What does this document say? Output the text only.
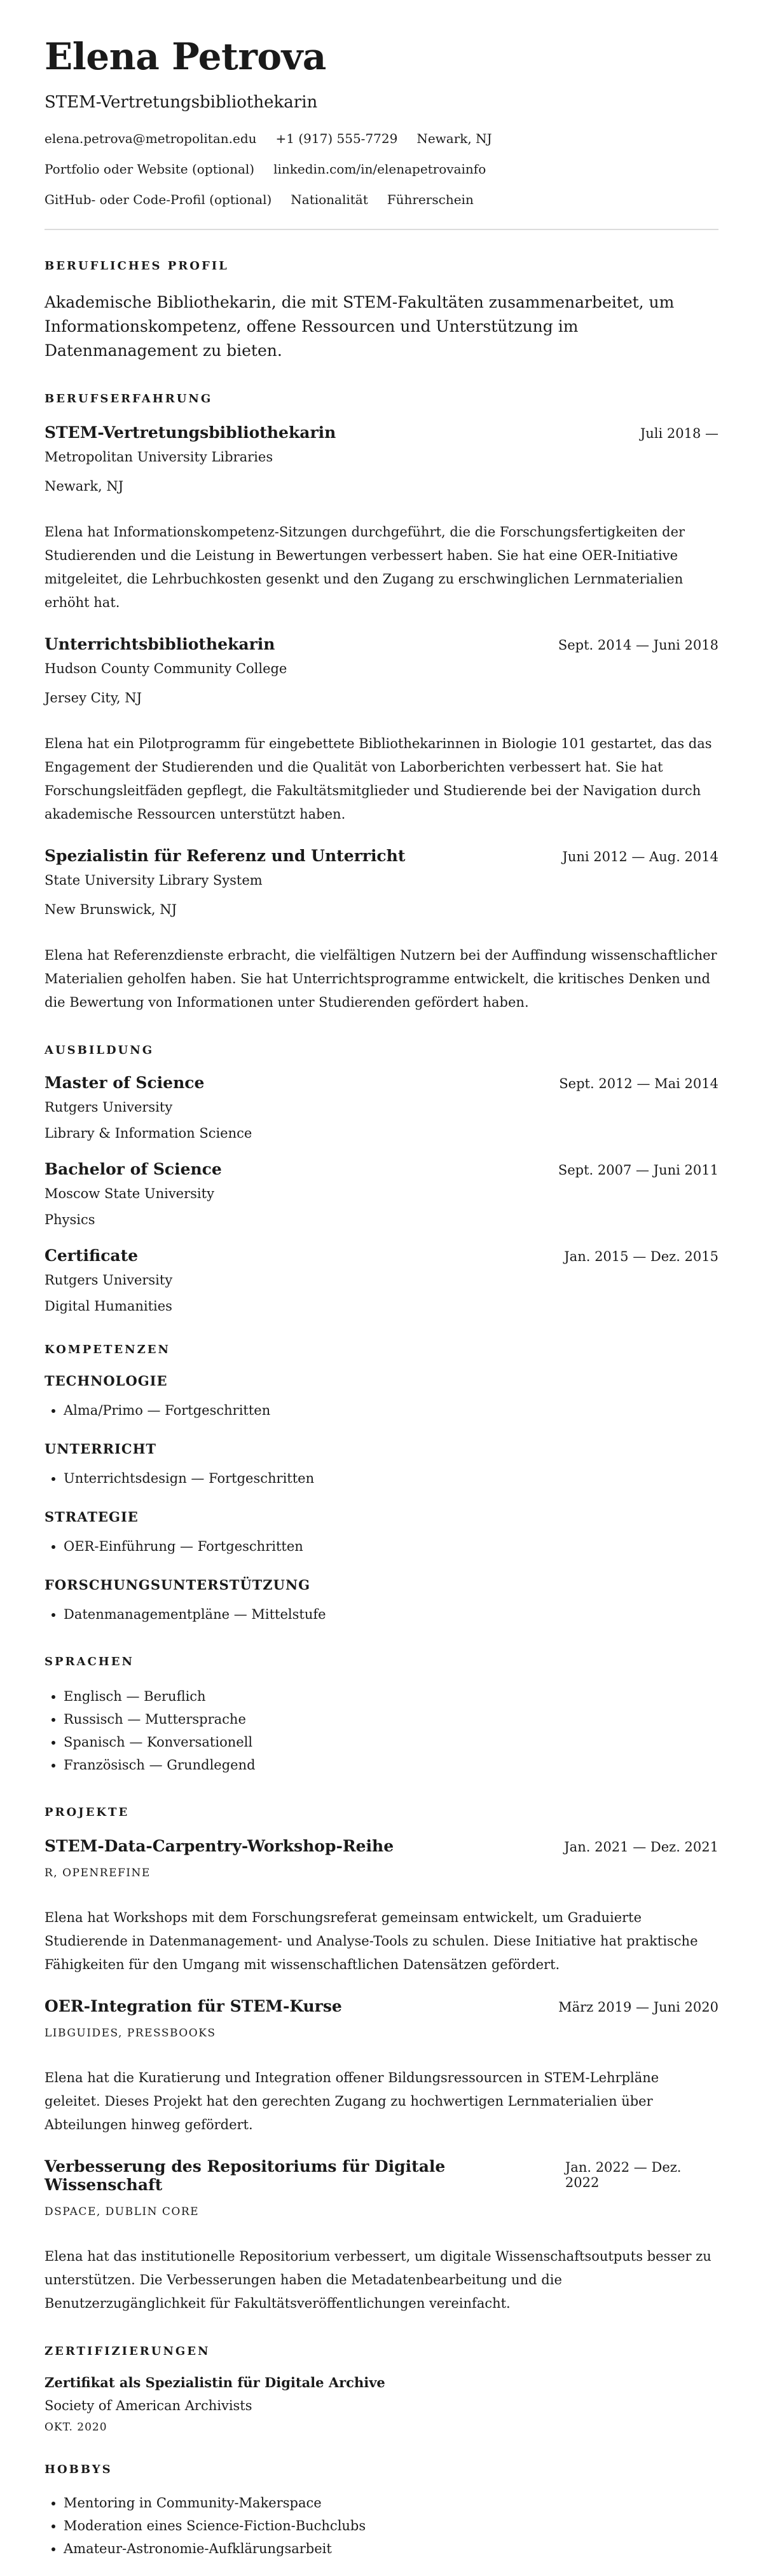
Elena Petrova
STEM-Vertretungsbibliothekarin
elena.petrova@metropolitan.edu +1 (917) 555-7729 Newark, NJ
Portfolio oder Website (optional) linkedin.com/in/elenapetrovainfo
GitHub- oder Code-Profil (optional) Nationalität Führerschein
BERUFLICHES PROFIL
Akademische Bibliothekarin, die mit STEM-Fakultäten zusammenarbeitet, um Informationskompetenz, offene Ressourcen und Unterstützung im Datenmanagement zu bieten.
BERUFSERFAHRUNG
STEM-Vertretungsbibliothekarin	Juli 2018 —
Metropolitan University Libraries
Newark, NJ
Elena hat Informationskompetenz-Sitzungen durchgeführt, die die Forschungsfertigkeiten der Studierenden und die Leistung in Bewertungen verbessert haben. Sie hat eine OER-Initiative mitgeleitet, die Lehrbuchkosten gesenkt und den Zugang zu erschwinglichen Lernmaterialien erhöht hat.
Unterrichtsbibliothekarin	Sept. 2014 — Juni 2018
Hudson County Community College
Jersey City, NJ
Elena hat ein Pilotprogramm für eingebettete Bibliothekarinnen in Biologie 101 gestartet, das das Engagement der Studierenden und die Qualität von Laborberichten verbessert hat. Sie hat Forschungsleitfäden gepflegt, die Fakultätsmitglieder und Studierende bei der Navigation durch akademische Ressourcen unterstützt haben.
Spezialistin für Referenz und Unterricht	Juni 2012 — Aug. 2014
State University Library System
New Brunswick, NJ
Elena hat Referenzdienste erbracht, die vielfältigen Nutzern bei der Auffindung wissenschaftlicher Materialien geholfen haben. Sie hat Unterrichtsprogramme entwickelt, die kritisches Denken und die Bewertung von Informationen unter Studierenden gefördert haben.
AUSBILDUNG
Master of Science	Sept. 2012 — Mai 2014
Rutgers University
Library & Information Science
Bachelor of Science	Sept. 2007 — Juni 2011
Moscow State University
Physics
Certificate	Jan. 2015 — Dez. 2015
Rutgers University
Digital Humanities
KOMPETENZEN
TECHNOLOGIE
• Alma/Primo — Fortgeschritten
UNTERRICHT
• Unterrichtsdesign — Fortgeschritten
STRATEGIE
• OER-Einführung — Fortgeschritten
FORSCHUNGSUNTERSTÜTZUNG
• Datenmanagementpläne — Mittelstufe
SPRACHEN
• Englisch — Beruflich
• Russisch — Muttersprache
• Spanisch — Konversationell
• Französisch — Grundlegend
PROJEKTE
STEM-Data-Carpentry-Workshop-Reihe	Jan. 2021 — Dez. 2021
R, OPENREFINE
Elena hat Workshops mit dem Forschungsreferat gemeinsam entwickelt, um Graduierte Studierende in Datenmanagement- und Analyse-Tools zu schulen. Diese Initiative hat praktische Fähigkeiten für den Umgang mit wissenschaftlichen Datensätzen gefördert.
OER-Integration für STEM-Kurse	März 2019 — Juni 2020
LIBGUIDES, PRESSBOOKS
Elena hat die Kuratierung und Integration offener Bildungsressourcen in STEM-Lehrpläne geleitet. Dieses Projekt hat den gerechten Zugang zu hochwertigen Lernmaterialien über Abteilungen hinweg gefördert.
Verbesserung des Repositoriums für Digitale Wissenschaft
Jan. 2022 — Dez. 2022
DSPACE, DUBLIN CORE
Elena hat das institutionelle Repositorium verbessert, um digitale Wissenschaftsoutputs besser zu unterstützen. Die Verbesserungen haben die Metadatenbearbeitung und die Benutzerzugänglichkeit für Fakultätsveröffentlichungen vereinfacht.
ZERTIFIZIERUNGEN
Zertifikat als Spezialistin für Digitale Archive
Society of American Archivists
OKT. 2020
HOBBYS
• Mentoring in Community-Makerspace
• Moderation eines Science-Fiction-Buchclubs
• Amateur-Astronomie-Aufklärungsarbeit
